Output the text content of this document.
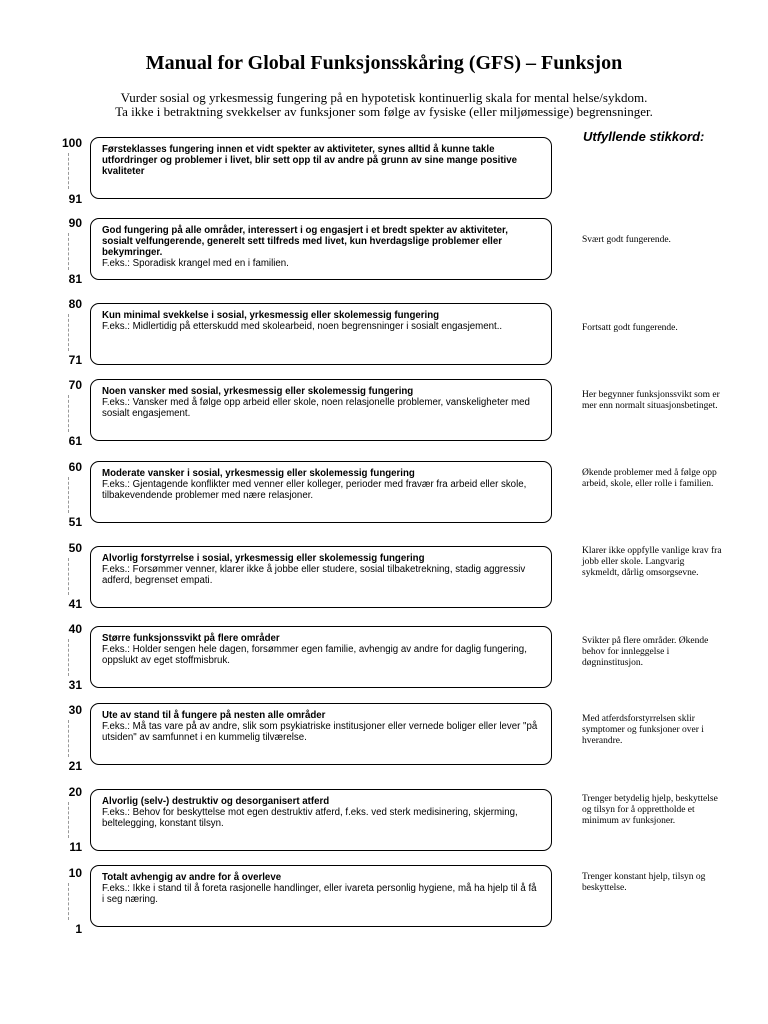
Manual for Global Funksjonsskåring (GFS) – Funksjon
Vurder sosial og yrkesmessig fungering på en hypotetisk kontinuerlig skala for mental helse/sykdom.
Ta ikke i betraktning svekkelser av funksjoner som følge av fysiske (eller miljømessige) begrensninger.
Utfyllende stikkord:
100
91
Førsteklasses fungering innen et vidt spekter av aktiviteter, synes alltid å kunne takle utfordringer og problemer i livet, blir sett opp til av andre på grunn av sine mange positive kvaliteter
90
81
God fungering på alle områder, interessert i og engasjert i et bredt spekter av aktiviteter, sosialt velfungerende, generelt sett tilfreds med livet, kun hverdagslige problemer eller bekymringer.
F.eks.: Sporadisk krangel med en i familien.
Svært godt fungerende.
80
71
Kun minimal svekkelse i sosial, yrkesmessig eller skolemessig fungering
F.eks.: Midlertidig på etterskudd med skolearbeid, noen begrensninger i sosialt engasjement..	Fortsatt godt fungerende.
70
61
Noen vansker med sosial, yrkesmessig eller skolemessig fungering
F.eks.: Vansker med å følge opp arbeid eller skole, noen relasjonelle problemer, vanskeligheter med sosialt engasjement.
Her begynner funksjonssvikt som er mer enn normalt situasjonsbetinget.
60
51
Moderate vansker i sosial, yrkesmessig eller skolemessig fungering
F.eks.: Gjentagende konflikter med venner eller kolleger, perioder med fravær fra arbeid eller skole, tilbakevendende problemer med nære relasjoner.
Økende problemer med å følge opp arbeid, skole, eller rolle i familien.
50
41
Alvorlig forstyrrelse i sosial, yrkesmessig eller skolemessig fungering
F.eks.: Forsømmer venner, klarer ikke å jobbe eller studere, sosial tilbaketrekning, stadig aggressiv adferd, begrenset empati.
Klarer ikke oppfylle vanlige krav fra jobb eller skole. Langvarig sykmeldt, dårlig omsorgsevne.
40
31
Større funksjonssvikt på flere områder
F.eks.: Holder sengen hele dagen, forsømmer egen familie, avhengig av andre for daglig fungering, oppslukt av eget stoffmisbruk.
Svikter på flere områder. Økende behov for innleggelse i døgninstitusjon.
30
21
Ute av stand til å fungere på nesten alle områder
F.eks.: Må tas vare på av andre, slik som psykiatriske institusjoner eller vernede boliger eller lever "på utsiden" av samfunnet i en kummelig tilværelse.
Med atferdsforstyrrelsen sklir symptomer og funksjoner over i hverandre.
20
11
Alvorlig (selv-) destruktiv og desorganisert atferd
F.eks.: Behov for beskyttelse mot egen destruktiv atferd, f.eks. ved sterk medisinering, skjerming, beltelegging, konstant tilsyn.
Trenger betydelig hjelp, beskyttelse og tilsyn for å opprettholde et minimum av funksjoner.
10
1
Totalt avhengig av andre for å overleve
F.eks.: Ikke i stand til å foreta rasjonelle handlinger, eller ivareta personlig hygiene, må ha hjelp til å få i seg næring.
Trenger konstant hjelp, tilsyn og beskyttelse.
